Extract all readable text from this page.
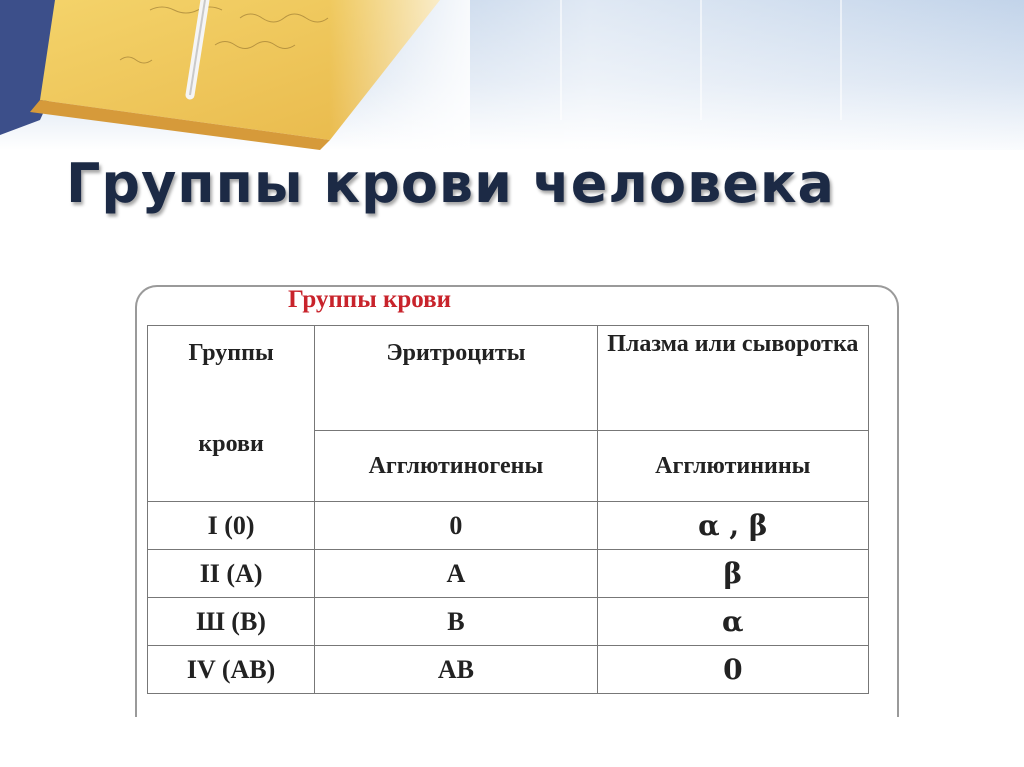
Группы крови человека
Группы крови
Группы
крови	Эритроциты	Плазма или сыворотка

	Агглютиногены	Агглютинины
I (0)	0	α , β
II (A)	A	β
Ш (B)	B	α
IV (AB)	AB	0
